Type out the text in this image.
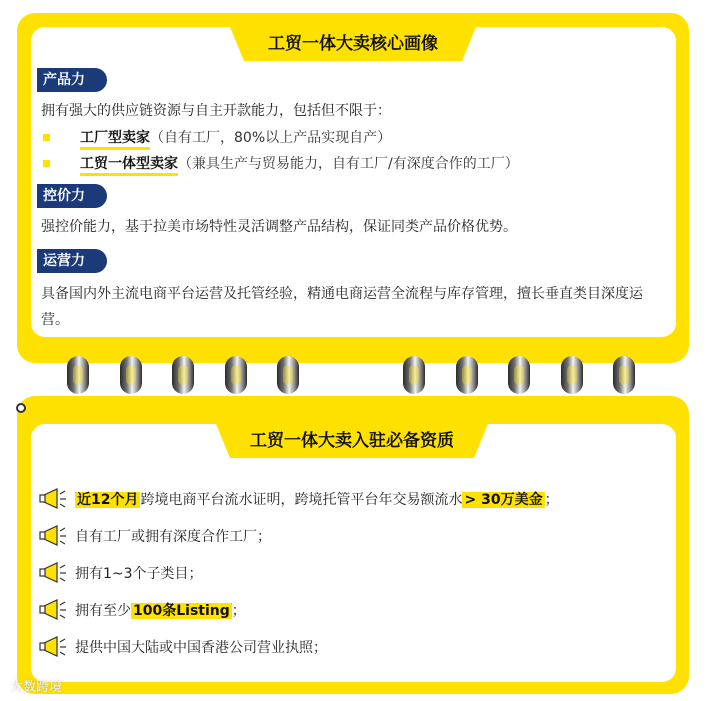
工贸一体大卖核心画像
产品力
拥有强大的供应链资源与自主开款能力，包括但不限于：
工厂型卖家（自有工厂，80%以上产品实现自产）
工贸一体型卖家（兼具生产与贸易能力，自有工厂/有深度合作的工厂）
控价力
强控价能力，基于拉美市场特性灵活调整产品结构，保证同类产品价格优势。
运营力
具备国内外主流电商平台运营及托管经验，精通电商运营全流程与库存管理，擅长垂直类目深度运营。
工贸一体大卖入驻必备资质
近12个月 跨境电商平台流水证明，跨境托管平台年交易额流水 > 30万美金 ；
自有工厂或拥有深度合作工厂；
拥有1~3个子类目；
拥有至少 100条Listing ；
提供中国大陆或中国香港公司营业执照；
大数跨境
